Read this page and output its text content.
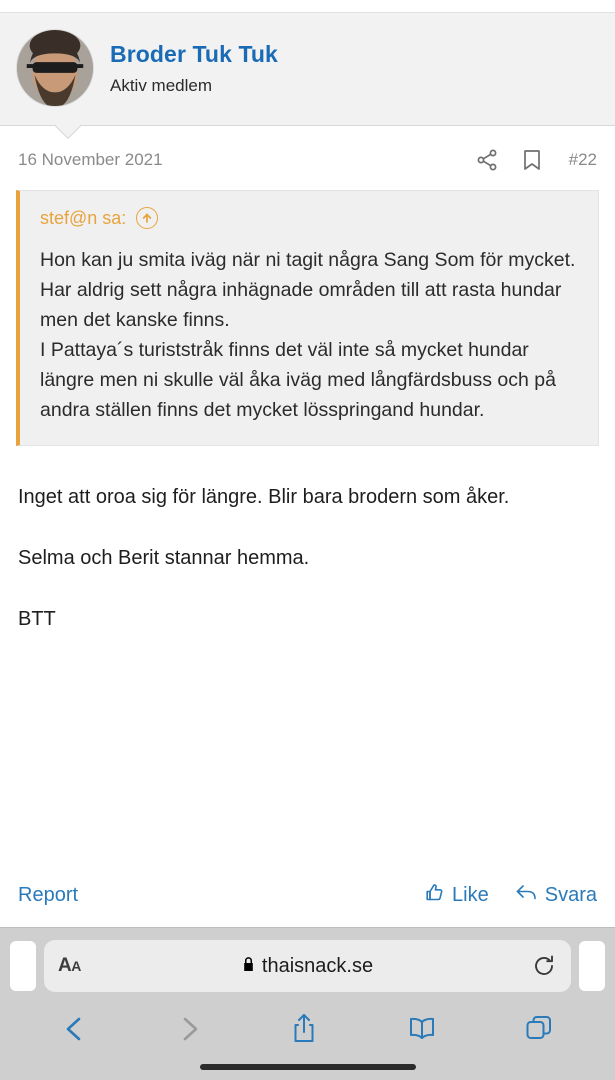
Broder Tuk Tuk
Aktiv medlem
16 November 2021	#22
stef@n sa:

Hon kan ju smita iväg när ni tagit några Sang Som för mycket.

Har aldrig sett några inhägnade områden till att rasta hundar men det kanske finns.

I Pattaya´s turiststråk finns det väl inte så mycket hundar längre men ni skulle väl åka iväg med långfärdsbuss och på andra ställen finns det mycket lösspringand hundar.

Inget att oroa sig för längre. Blir bara brodern som åker.

Selma och Berit stannar hemma.

BTT

Report	Like	Svara
AA	thaisnack.se
